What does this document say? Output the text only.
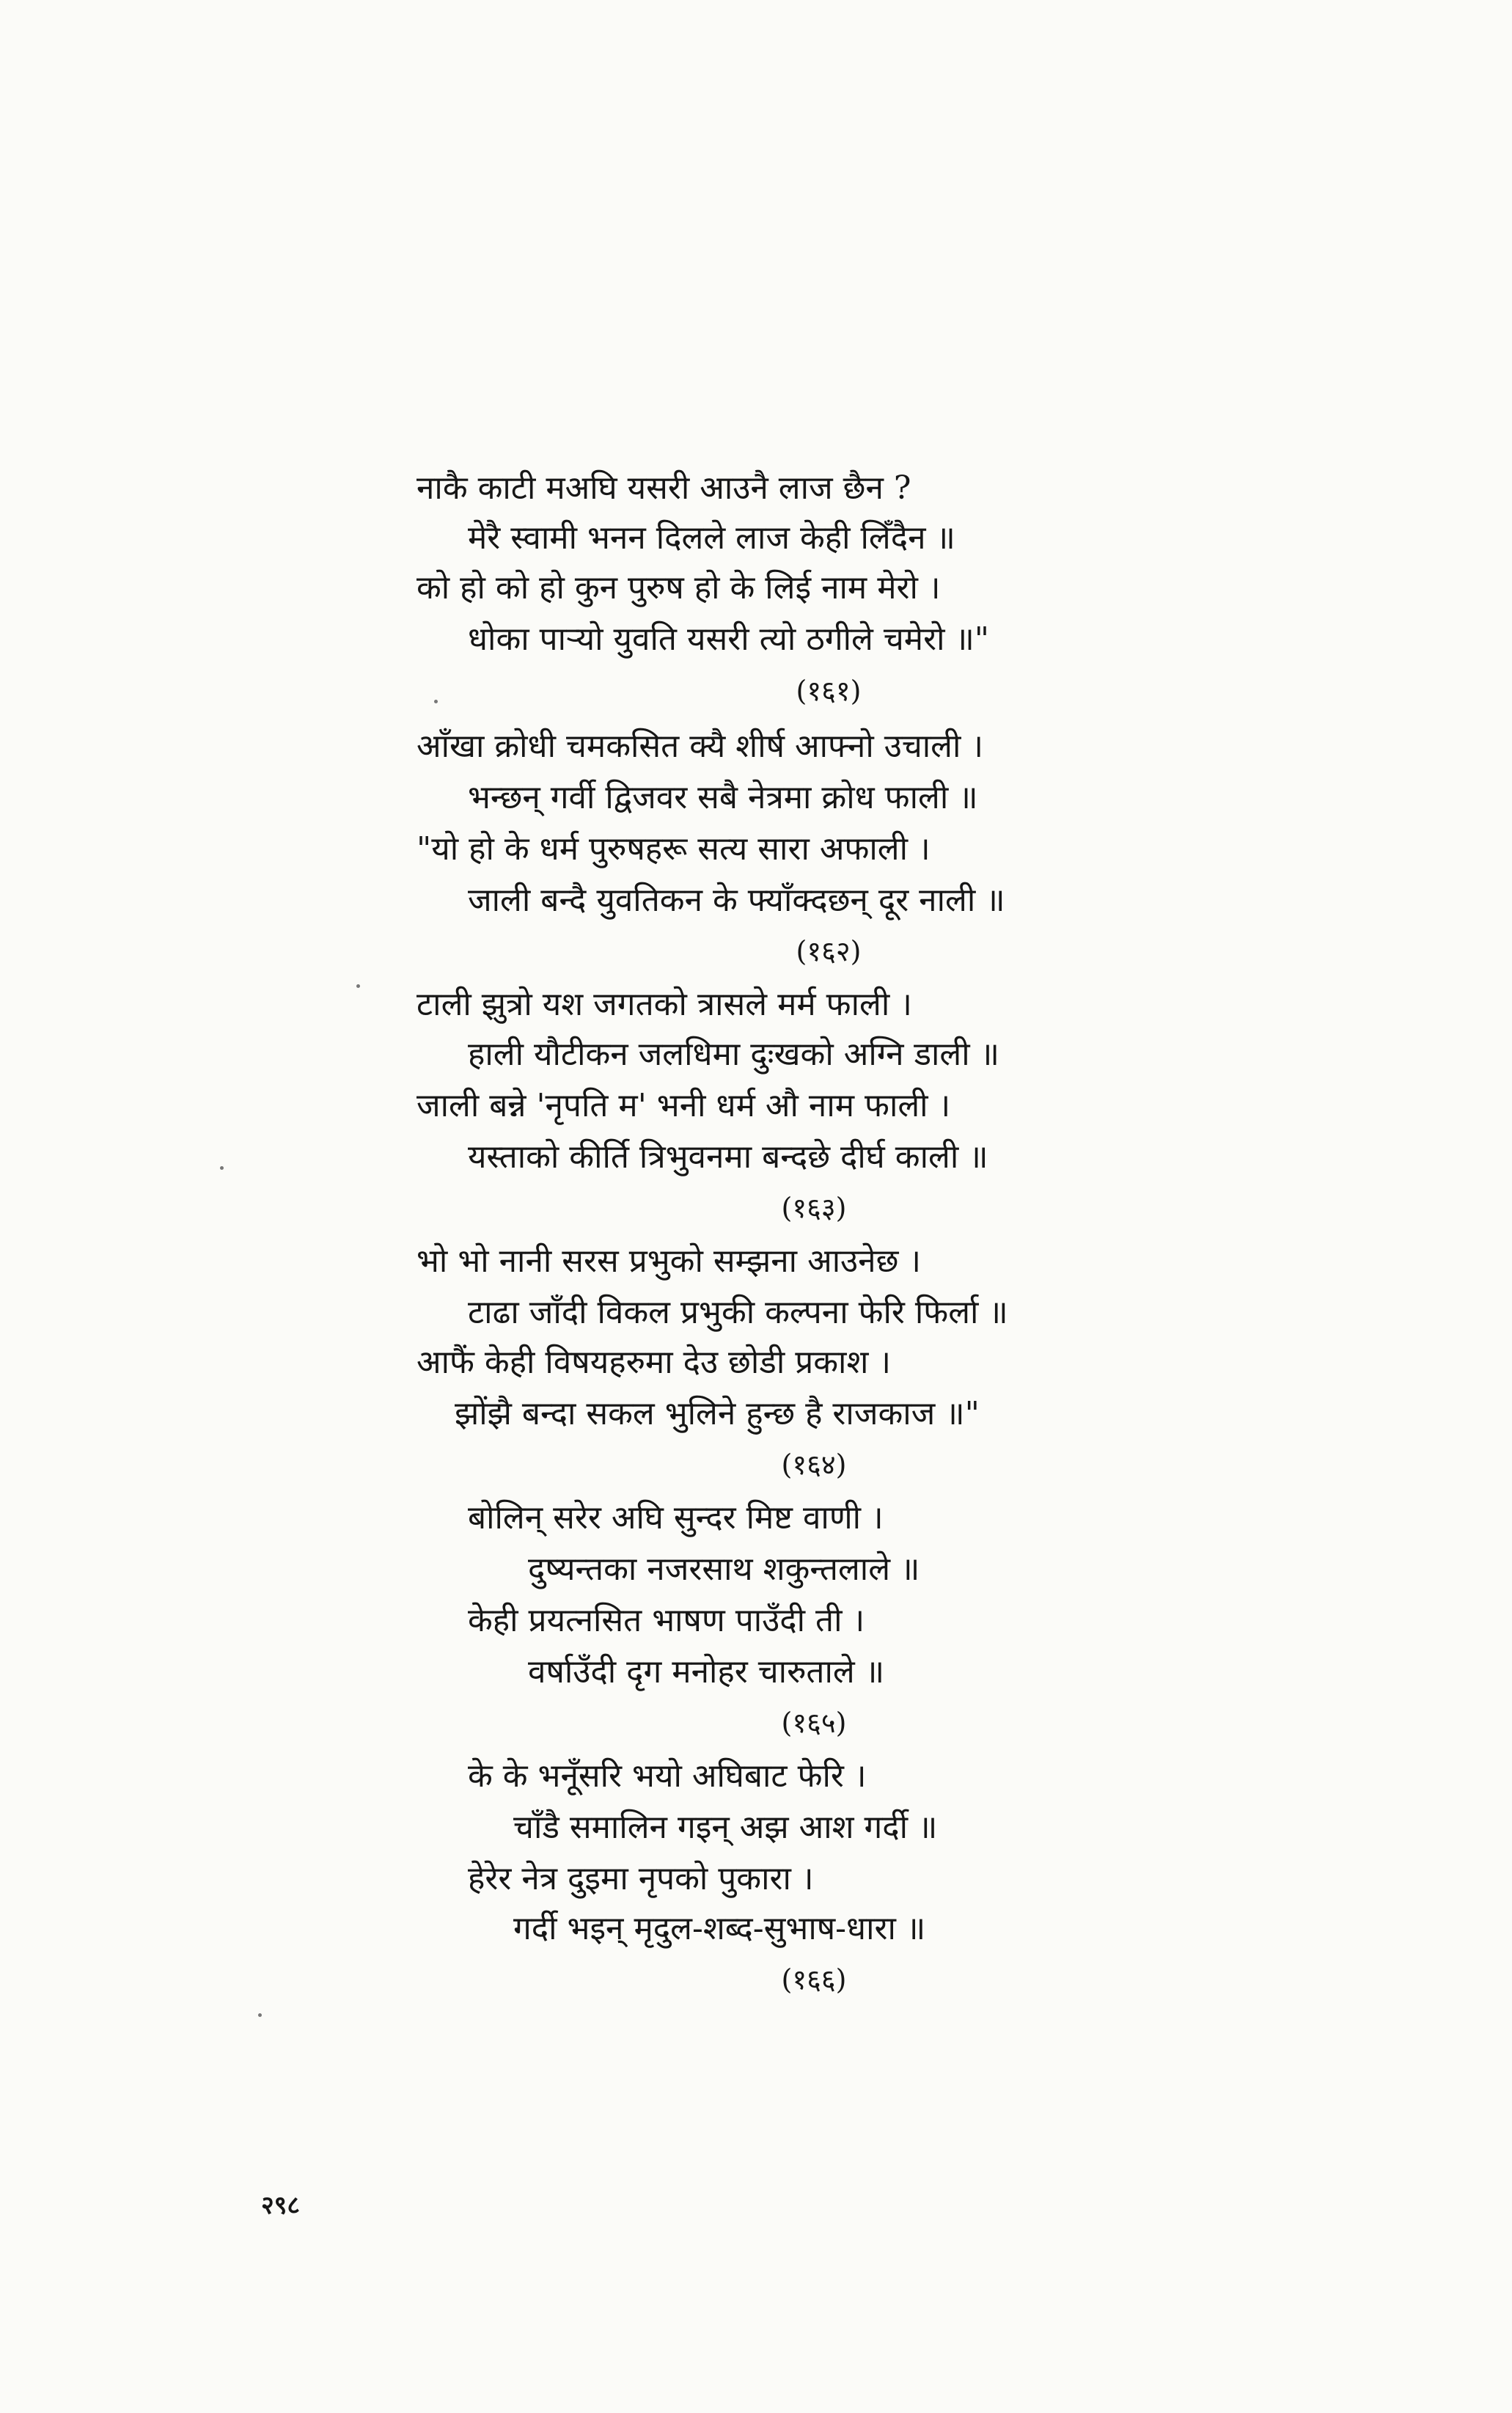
नाकै काटी मअघि यसरी आउनै लाज छैन ?
मेरै स्वामी भनन दिलले लाज केही लिँदैन ॥
को हो को हो कुन पुरुष हो के लिई नाम मेरो ।
धोका पाऱ्यो युवति यसरी त्यो ठगीले चमेरो ॥"
(१६१)
आँखा क्रोधी चमकसित क्यै शीर्ष आफ्नो उचाली ।
भन्छन् गर्वी द्विजवर सबै नेत्रमा क्रोध फाली ॥
"यो हो के धर्म पुरुषहरू सत्य सारा अफाली ।
जाली बन्दै युवतिकन के फ्याँक्दछन् दूर नाली ॥
(१६२)
टाली झुत्रो यश जगतको त्रासले मर्म फाली ।
हाली यौटीकन जलधिमा दुःखको अग्नि डाली ॥
जाली बन्ने 'नृपति म' भनी धर्म औ नाम फाली ।
यस्ताको कीर्ति त्रिभुवनमा बन्दछे दीर्घ काली ॥
(१६३)
भो भो नानी सरस प्रभुको सम्झना आउनेछ ।
टाढा जाँदी विकल प्रभुकी कल्पना फेरि फिर्ला ॥
आफैं केही विषयहरुमा देउ छोडी प्रकाश ।
झोंझै बन्दा सकल भुलिने हुन्छ है राजकाज ॥"
(१६४)
बोलिन् सरेर अघि सुन्दर मिष्ट वाणी ।
दुष्यन्तका नजरसाथ शकुन्तलाले ॥
केही प्रयत्नसित भाषण पाउँदी ती ।
वर्षाउँदी दृग मनोहर चारुताले ॥
(१६५)
के के भनूँसरि भयो अघिबाट फेरि ।
चाँडै समालिन गइन् अझ आश गर्दी ॥
हेरेर नेत्र दुइमा नृपको पुकारा ।
गर्दी भइन् मृदुल-शब्द-सुभाष-धारा ॥
(१६६)
२९८
